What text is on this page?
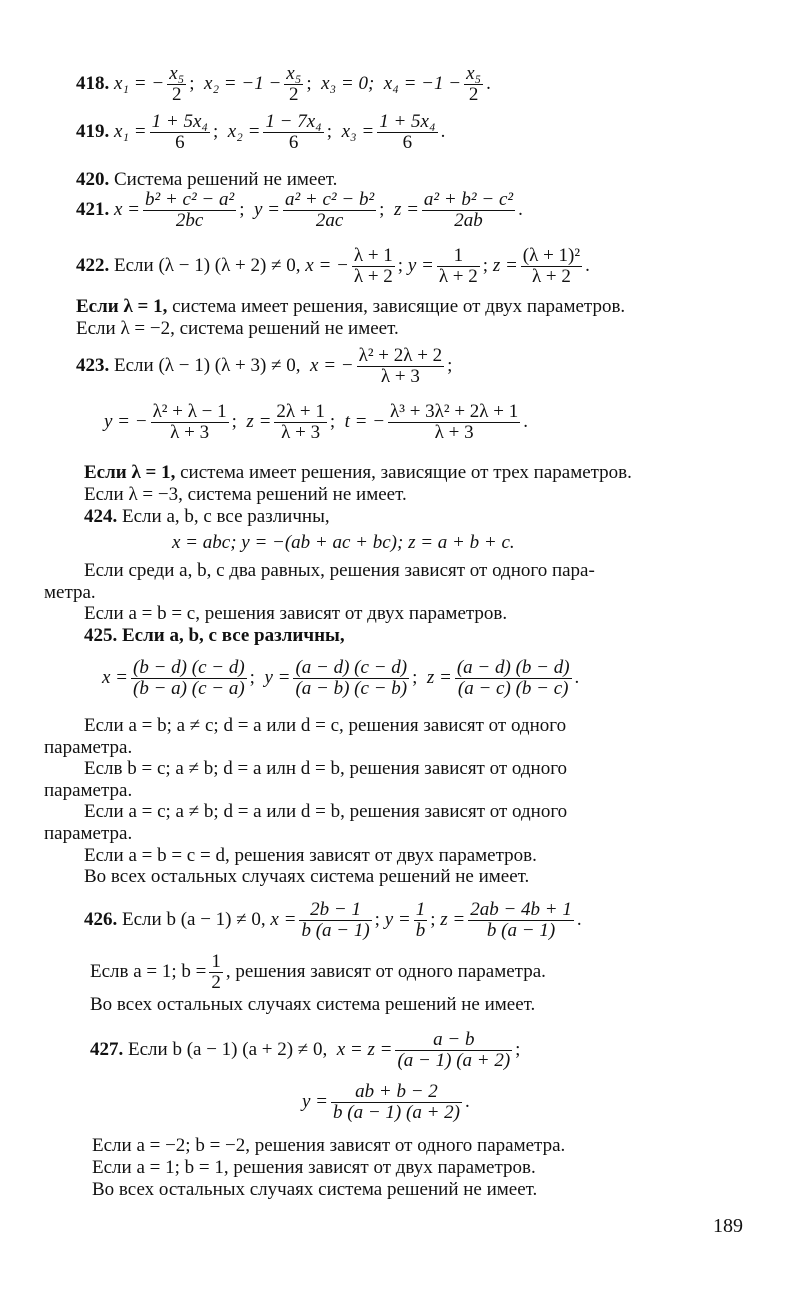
418. x₁ = − $\frac{\text{x₅}}{2}$ ; $x_2 = -1 - \frac{\text{x₅}}{2}$ ; x₃ = 0; $x_4 = -1 - \frac{\text{x₅}}{2}$ .
419. $x_1 = \frac{\text{1 + 5x₄}}{6}$ ; $x_2 = \frac{\text{1 − 7x₄}}{6}$ ; $x_3 = \frac{\text{1 + 5x₄}}{6}$ .
420. Система решений не имеет.
421. $x = \frac{\text{b² + c² − a²}}{2bc}$ ; $y = \frac{\text{a² + c² − b²}}{2ac}$ ; $z = \frac{\text{a² + b² − c²}}{2ab}$ .
422. Если (λ − 1) (λ + 2) ≠ 0, x = − $\frac{\lambda + 1}{\lambda + 2}$ ; $y = \frac{1}{\lambda + 2}$ ; $z = \frac{\text{(λ + 1)²}}{\lambda + 2}$ .
Если λ = 1, система имеет решения, зависящие от двух параметров.
Если λ = −2, система решений не имеет.
423. Если (λ − 1) (λ + 3) ≠ 0, x = − $\frac{\text{λ² + 2λ + 2}}{\lambda + 3}$ ;
y = − $\frac{\text{λ² + λ − 1}}{\lambda + 3}$ ; $z = \frac{2\lambda + 1}{\lambda + 3}$ ; t = − $\frac{\text{λ³ + 3λ² + 2λ + 1}}{\lambda + 3}$ .
Если λ = 1, система имеет решения, зависящие от трех параметров.
Если λ = −3, система решений не имеет.
424. Если a, b, c все различны,
x = abc; y = −(ab + ac + bc); z = a + b + c.
Если среди a, b, c два равных, решения зависят от одного пара-
метра.
Если a = b = c, решения зависят от двух параметров.
425. Если a, b, c все различны,
$x = \frac{(b - d) (c - d)}{(b - a) (c - a)}$ ; $y = \frac{(a - d) (c - d)}{(a - b) (c - b)}$ ; $z = \frac{(a - d) (b - d)}{(a - c) (b - c)}$ .
Если a = b; a ≠ c; d = a или d = c, решения зависят от одного
параметра.
Еслв b = c; a ≠ b; d = a илн d = b, решения зависят от одного
параметра.
Если a = c; a ≠ b; d = a или d = b, решения зависят от одного
параметра.
Если a = b = c = d, решения зависят от двух параметров.
Во всех остальных случаях система решений не имеет.
426. Если b (a − 1) ≠ 0, $x = \frac{2b - 1}{b (a - 1)}$ ; $y = \frac{1}{b}$ ; $z = \frac{2ab - 4b + 1}{b (a - 1)}$ .
Еслв a = 1; $b = \frac{1}{2}$ , решения зависят от одного параметра.
Во всех остальных случаях система решений не имеет.
427. Если b (a − 1) (a + 2) ≠ 0, $x = z = \frac{a - b}{(a - 1) (a + 2)}$ ;
$y = \frac{ab + b - 2}{b (a - 1) (a + 2)}$ .
Если a = −2; b = −2, решения зависят от одного параметра.
Если a = 1; b = 1, решения зависят от двух параметров.
Во всех остальных случаях система решений не имеет.
189
